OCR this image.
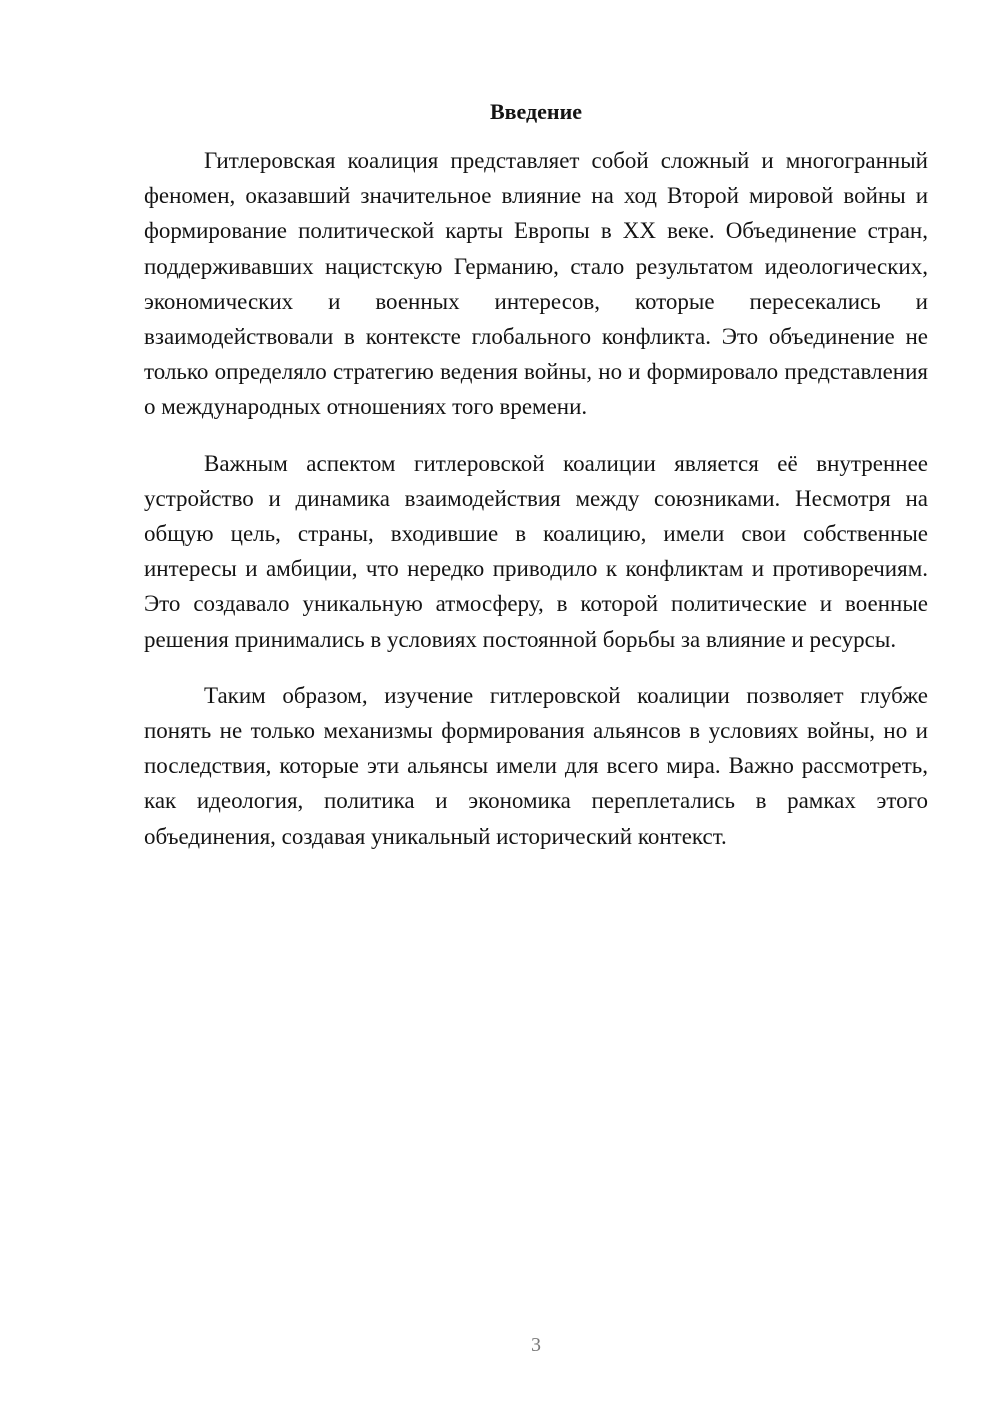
Введение

Гитлеровская коалиция представляет собой сложный и многогранный феномен, оказавший значительное влияние на ход Второй мировой войны и формирование политической карты Европы в XX веке. Объединение стран, поддерживавших нацистскую Германию, стало результатом идеологических, экономических и военных интересов, которые пересекались и взаимодействовали в контексте глобального конфликта. Это объединение не только определяло стратегию ведения войны, но и формировало представления о международных отношениях того времени.

Важным аспектом гитлеровской коалиции является её внутреннее устройство и динамика взаимодействия между союзниками. Несмотря на общую цель, страны, входившие в коалицию, имели свои собственные интересы и амбиции, что нередко приводило к конфликтам и противоречиям. Это создавало уникальную атмосферу, в которой политические и военные решения принимались в условиях постоянной борьбы за влияние и ресурсы.

Таким образом, изучение гитлеровской коалиции позволяет глубже понять не только механизмы формирования альянсов в условиях войны, но и последствия, которые эти альянсы имели для всего мира. Важно рассмотреть, как идеология, политика и экономика переплетались в рамках этого объединения, создавая уникальный исторический контекст.

3
